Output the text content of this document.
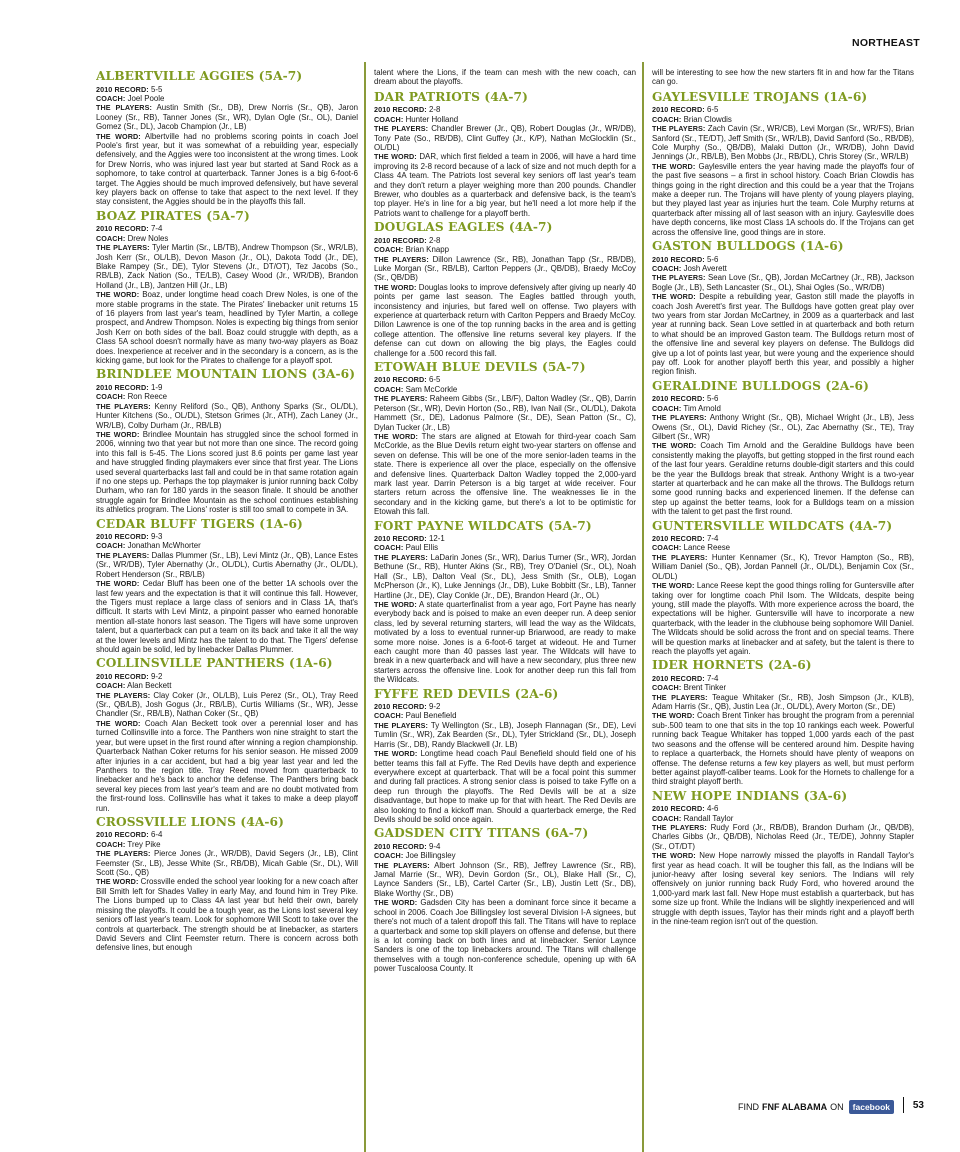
NORTHEAST
ALBERTVILLE AGGIES (5A-7)

2010 RECORD: 5-5

COACH: Joel Poole

THE PLAYERS: Austin Smith (Sr., DB), Drew Norris (Sr., QB), Jaron Looney (Sr., RB), Tanner Jones (Sr., WR), Dylan Ogle (Sr., OL), Daniel Gomez (Sr., DL), Jacob Champion (Jr., LB)

THE WORD: Albertville had no problems scoring points in coach Joel Poole's first year, but it was somewhat of a rebuilding year, especially defensively, and the Aggies were too inconsistent at the wrong times. Look for Drew Norris, who was injured last year but started at Sand Rock as a sophomore, to take control at quarterback. Tanner Jones is a big 6-foot-6 target. The Aggies should be much improved defensively, but have several key players back on offense to take that aspect to the next level. If they stay consistent, the Aggies should be in the playoffs this fall.

BOAZ PIRATES (5A-7)

2010 RECORD: 7-4

COACH: Drew Noles

THE PLAYERS: Tyler Martin (Sr., LB/TB), Andrew Thompson (Sr., WR/LB), Josh Kerr (Sr., OL/LB), Devon Mason (Jr., OL), Dakota Todd (Jr., DE), Blake Rampey (Sr., DE), Tylor Stevens (Jr., DT/OT), Tez Jacobs (So., RB/LB), Zack Nation (So., TE/LB), Casey Wood (Jr., WR/DB), Brandon Holland (Jr., LB), Jantzen Hill (Jr., LB)

THE WORD: Boaz, under longtime head coach Drew Noles, is one of the more stable programs in the state. The Pirates' linebacker unit returns 15 of 16 players from last year's team, headlined by Tyler Martin, a college prospect, and Andrew Thompson. Noles is expecting big things from senior Josh Kerr on both sides of the ball. Boaz could struggle with depth, as a Class 5A school doesn't normally have as many two-way players as Boaz does. Inexperience at receiver and in the secondary is a concern, as is the kicking game, but look for the Pirates to challenge for a playoff spot.

BRINDLEE MOUNTAIN LIONS (3A-6)

2010 RECORD: 1-9

COACH: Ron Reece

THE PLAYERS: Kenny Reliford (So., QB), Anthony Sparks (Sr., OL/DL), Hunter Kitchens (So., OL/DL), Stetson Grimes (Jr., ATH), Zach Laney (Jr., WR/LB), Colby Durham (Jr., RB/LB)

THE WORD: Brindlee Mountain has struggled since the school formed in 2006, winning two that year but not more than one since. The record going into this fall is 5-45. The Lions scored just 8.6 points per game last year and have struggled finding playmakers ever since that first year. The Lions used several quarterbacks last fall and could be in that same rotation again if no one steps up. Perhaps the top playmaker is junior running back Colby Durham, who ran for 180 yards in the season finale. It should be another struggle again for Brindlee Mountain as the school continues establishing its athletics program. The Lions' roster is still too small to compete in 3A.

CEDAR BLUFF TIGERS (1A-6)

2010 RECORD: 9-3

COACH: Jonathan McWhorter

THE PLAYERS: Dallas Plummer (Sr., LB), Levi Mintz (Jr., QB), Lance Estes (Sr., WR/DB), Tyler Abernathy (Jr., OL/DL), Curtis Abernathy (Jr., OL/DL), Robert Henderson (Sr., RB/LB)

THE WORD: Cedar Bluff has been one of the better 1A schools over the last few years and the expectation is that it will continue this fall. However, the Tigers must replace a large class of seniors and in Class 1A, that's difficult. It starts with Levi Mintz, a pinpoint passer who earned honorable mention all-state honors last season. The Tigers will have some unproven talent, but a quarterback can put a team on its back and take it all the way at the lower levels and Mintz has the talent to do that. The Tigers' defense should again be solid, led by linebacker Dallas Plummer.

COLLINSVILLE PANTHERS (1A-6)

2010 RECORD: 9-2

COACH: Alan Beckett

THE PLAYERS: Clay Coker (Jr., OL/LB), Luis Perez (Sr., OL), Tray Reed (Sr., QB/LB), Josh Gogus (Jr., RB/LB), Curtis Williams (Sr., WR), Jesse Chandler (Sr., RB/LB), Nathan Coker (Sr., QB)

THE WORD: Coach Alan Beckett took over a perennial loser and has turned Collinsville into a force. The Panthers won nine straight to start the year, but were upset in the first round after winning a region championship. Quarterback Nathan Coker returns for his senior season. He missed 2009 after injuries in a car accident, but had a big year last year and led the Panthers to the region title. Tray Reed moved from quarterback to linebacker and he's back to anchor the defense. The Panthers bring back several key pieces from last year's team and are no doubt motivated from the first-round loss. Collinsville has what it takes to make a deep playoff run.

CROSSVILLE LIONS (4A-6)

2010 RECORD: 6-4

COACH: Trey Pike

THE PLAYERS: Pierce Jones (Jr., WR/DB), David Segers (Jr., LB), Clint Feemster (Sr., LB), Jesse White (Sr., RB/DB), Micah Gable (Sr., DL), Will Scott (So., QB)

THE WORD: Crossville ended the school year looking for a new coach after Bill Smith left for Shades Valley in early May, and found him in Trey Pike. The Lions bumped up to Class 4A last year but held their own, barely missing the playoffs. It could be a tough year, as the Lions lost several key seniors off last year's team. Look for sophomore Will Scott to take over the controls at quarterback. The strength should be at linebacker, as starters David Severs and Clint Feemster return. There is concern across both defensive lines, but enough

talent where the Lions, if the team can mesh with the new coach, can dream about the playoffs.

DAR PATRIOTS (4A-7)

2010 RECORD: 2-8

COACH: Hunter Holland

THE PLAYERS: Chandler Brewer (Jr., QB), Robert Douglas (Jr., WR/DB), Tony Pate (So., RB/DB), Clint Guffey (Jr., K/P), Nathan McGlocklin (Sr., OL/DL)

THE WORD: DAR, which first fielded a team in 2006, will have a hard time improving its 2-8 record because of a lack of size and not much depth for a Class 4A team. The Patriots lost several key seniors off last year's team and they don't return a player weighing more than 200 pounds. Chandler Brewer, who doubles as a quarterback and defensive back, is the team's top player. He's in line for a big year, but he'll need a lot more help if the Patriots want to challenge for a playoff berth.

DOUGLAS EAGLES (4A-7)

2010 RECORD: 2-8

COACH: Brian Knapp

THE PLAYERS: Dillon Lawrence (Sr., RB), Jonathan Tapp (Sr., RB/DB), Luke Morgan (Sr., RB/LB), Carlton Peppers (Jr., QB/DB), Braedy McCoy (Sr., QB/DB)

THE WORD: Douglas looks to improve defensively after giving up nearly 40 points per game last season. The Eagles battled through youth, inconsistency and injuries, but fared well on offense. Two players with experience at quarterback return with Carlton Peppers and Braedy McCoy. Dillon Lawrence is one of the top running backs in the area and is getting college attention. The offensive line returns several key players. If the defense can cut down on allowing the big plays, the Eagles could challenge for a .500 record this fall.

ETOWAH BLUE DEVILS (5A-7)

2010 RECORD: 6-5

COACH: Sam McCorkle

THE PLAYERS: Raheem Gibbs (Sr., LB/F), Dalton Wadley (Sr., QB), Darrin Peterson (Sr., WR), Devin Horton (So., RB), Ivan Nail (Sr., OL/DL), Dakota Hammett (Sr., DE), Ladonus Palmore (Sr., DE), Sean Patton (Sr., C), Dylan Tucker (Jr., LB)

THE WORD: The stars are aligned at Etowah for third-year coach Sam McCorkle, as the Blue Devils return eight two-year starters on offense and seven on defense. This will be one of the more senior-laden teams in the state. There is experience all over the place, especially on the offensive and defensive lines. Quarterback Dalton Wadley topped the 2,000-yard mark last year. Darrin Peterson is a big target at wide receiver. Four starters return across the offensive line. The weaknesses lie in the secondary and in the kicking game, but there's a lot to be optimistic for Etowah this fall.

FORT PAYNE WILDCATS (5A-7)

2010 RECORD: 12-1

COACH: Paul Ellis

THE PLAYERS: LaDarin Jones (Sr., WR), Darius Turner (Sr., WR), Jordan Bethune (Sr., RB), Hunter Akins (Sr., RB), Trey O'Daniel (Sr., OL), Noah Hall (Sr., LB), Dalton Veal (Sr., DL), Jess Smith (Sr., OLB), Logan McPherson (Jr., K), Luke Jennings (Jr., DB), Luke Bobbitt (Sr., LB), Tanner Hartline (Jr., DE), Clay Conkle (Jr., DE), Brandon Heard (Jr., OL)

THE WORD: A state quarterfinalist from a year ago, Fort Payne has nearly everybody back and is poised to make an even deeper run. A deep senior class, led by several returning starters, will lead the way as the Wildcats, motivated by a loss to eventual runner-up Briarwood, are ready to make some more noise. Jones is a 6-foot-6 target at wideout. He and Turner each caught more than 40 passes last year. The Wildcats will have to break in a new quarterback and will have a new secondary, plus three new starters across the offensive line. Look for another deep run this fall from the Wildcats.

FYFFE RED DEVILS (2A-6)

2010 RECORD: 9-2

COACH: Paul Benefield

THE PLAYERS: Ty Wellington (Sr., LB), Joseph Flannagan (Sr., DE), Levi Tumlin (Sr., WR), Zak Bearden (Sr., DL), Tyler Strickland (Sr., DL), Joseph Harris (Sr., DB), Randy Blackwell (Jr. LB)

THE WORD: Longtime head coach Paul Benefield should field one of his better teams this fall at Fyffe. The Red Devils have depth and experience everywhere except at quarterback. That will be a focal point this summer and during fall practices. A strong senior class is poised to take Fyffe on a deep run through the playoffs. The Red Devils will be at a size disadvantage, but hope to make up for that with heart. The Red Devils are also looking to find a kickoff man. Should a quarterback emerge, the Red Devils should be solid once again.

GADSDEN CITY TITANS (6A-7)

2010 RECORD: 9-4

COACH: Joe Billingsley

THE PLAYERS: Albert Johnson (Sr., RB), Jeffrey Lawrence (Sr., RB), Jamal Marrie (Sr., WR), Devin Gordon (Sr., OL), Blake Hall (Sr., C), Laynce Sanders (Sr., LB), Cartel Carter (Sr., LB), Justin Lett (Sr., DB), Blake Worthy (Sr., DB)

THE WORD: Gadsden City has been a dominant force since it became a school in 2006. Coach Joe Billingsley lost several Division I-A signees, but there's not much of a talent dropoff this fall. The Titans will have to replace a quarterback and some top skill players on offense and defense, but there is a lot coming back on both lines and at linebacker. Senior Laynce Sanders is one of the top linebackers around. The Titans will challenge themselves with a tough non-conference schedule, opening up with 6A power Tuscaloosa County. It

will be interesting to see how the new starters fit in and how far the Titans can go.

GAYLESVILLE TROJANS (1A-6)

2010 RECORD: 6-5

COACH: Brian Clowdis

THE PLAYERS: Zach Cavin (Sr., WR/CB), Levi Morgan (Sr., WR/FS), Brian Sanford (Sr., TE/DT), Jeff Smith (Sr., WR/LB), David Sanford (So., RB/DB), Cole Murphy (So., QB/DB), Malaki Dutton (Jr., WR/DB), John David Jennings (Jr., RB/LB), Ben Mobbs (Jr., RB/DL), Chris Storey (Sr., WR/LB)

THE WORD: Gaylesville enters the year having made the playoffs four of the past five seasons – a first in school history. Coach Brian Clowdis has things going in the right direction and this could be a year that the Trojans make a deeper run. The Trojans will have plenty of young players playing, but they played last year as injuries hurt the team. Cole Murphy returns at quarterback after missing all of last season with an injury. Gaylesville does have depth concerns, like most Class 1A schools do. If the Trojans can get across the offensive line, good things are in store.

GASTON BULLDOGS (1A-6)

2010 RECORD: 5-6

COACH: Josh Averett

THE PLAYERS: Sean Love (Sr., QB), Jordan McCartney (Jr., RB), Jackson Bogle (Jr., LB), Seth Lancaster (Sr., OL), Shai Ogles (So., WR/DB)

THE WORD: Despite a rebuilding year, Gaston still made the playoffs in coach Josh Averett's first year. The Bulldogs have gotten great play over two years from star Jordan McCartney, in 2009 as a quarterback and last year at running back. Sean Love settled in at quarterback and both return to what should be an improved Gaston team. The Bulldogs return most of the offensive line and several key players on defense. The Bulldogs did give up a lot of points last year, but were young and the experience should pay off. Look for another playoff berth this year, and possibly a higher region finish.

GERALDINE BULLDOGS (2A-6)

2010 RECORD: 5-6

COACH: Tim Arnold

THE PLAYERS: Anthony Wright (Sr., QB), Michael Wright (Jr., LB), Jess Owens (Sr., OL), David Richey (Sr., OL), Zac Abernathy (Sr., TE), Tray Gilbert (Sr., WR)

THE WORD: Coach Tim Arnold and the Geraldine Bulldogs have been consistently making the playoffs, but getting stopped in the first round each of the last four years. Geraldine returns double-digit starters and this could be the year the Bulldogs break that streak. Anthony Wright is a two-year starter at quarterback and he can make all the throws. The Bulldogs return some good running backs and experienced linemen. If the defense can step up against the better teams, look for a Bulldogs team on a mission with the talent to get past the first round.

GUNTERSVILLE WILDCATS (4A-7)

2010 RECORD: 7-4

COACH: Lance Reese

THE PLAYERS: Hunter Kennamer (Sr., K), Trevor Hampton (So., RB), William Daniel (So., QB), Jordan Pannell (Jr., OL/DL), Benjamin Cox (Sr., OL/DL)

THE WORD: Lance Reese kept the good things rolling for Guntersville after taking over for longtime coach Phil Isom. The Wildcats, despite being young, still made the playoffs. With more experience across the board, the expectations will be higher. Guntersville will have to incorporate a new quarterback, with the leader in the clubhouse being sophomore Will Daniel. The Wildcats should be solid across the front and on special teams. There will be question marks at linebacker and at safety, but the talent is there to reach the playoffs yet again.

IDER HORNETS (2A-6)

2010 RECORD: 7-4

COACH: Brent Tinker

THE PLAYERS: Teague Whitaker (Sr., RB), Josh Simpson (Jr., K/LB), Adam Harris (Sr., QB), Justin Lea (Jr., OL/DL), Avery Morton (Sr., DE)

THE WORD: Coach Brent Tinker has brought the program from a perennial sub-.500 team to one that sits in the top 10 rankings each week. Powerful running back Teague Whitaker has topped 1,000 yards each of the past two seasons and the offense will be centered around him. Despite having to replace a quarterback, the Hornets should have plenty of weapons on offense. The defense returns a few key players as well, but must perform better against playoff-caliber teams. Look for the Hornets to challenge for a third straight playoff berth.

NEW HOPE INDIANS (3A-6)

2010 RECORD: 4-6

COACH: Randall Taylor

THE PLAYERS: Rudy Ford (Jr., RB/DB), Brandon Durham (Jr., QB/DB), Charles Gibbs (Jr., QB/DB), Nicholas Reed (Jr., TE/DE), Johnny Stapler (Sr., OT/DT)

THE WORD: New Hope narrowly missed the playoffs in Randall Taylor's first year as head coach. It will be tougher this fall, as the Indians will be junior-heavy after losing several key seniors. The Indians will rely offensively on junior running back Rudy Ford, who hovered around the 1,000-yard mark last fall. New Hope must establish a quarterback, but has some size up front. While the Indians will be slightly inexperienced and will struggle with depth issues, Taylor has their minds right and a playoff berth in the nine-team region isn't out of the question.

FIND FNF ALABAMA ON	facebook	53
